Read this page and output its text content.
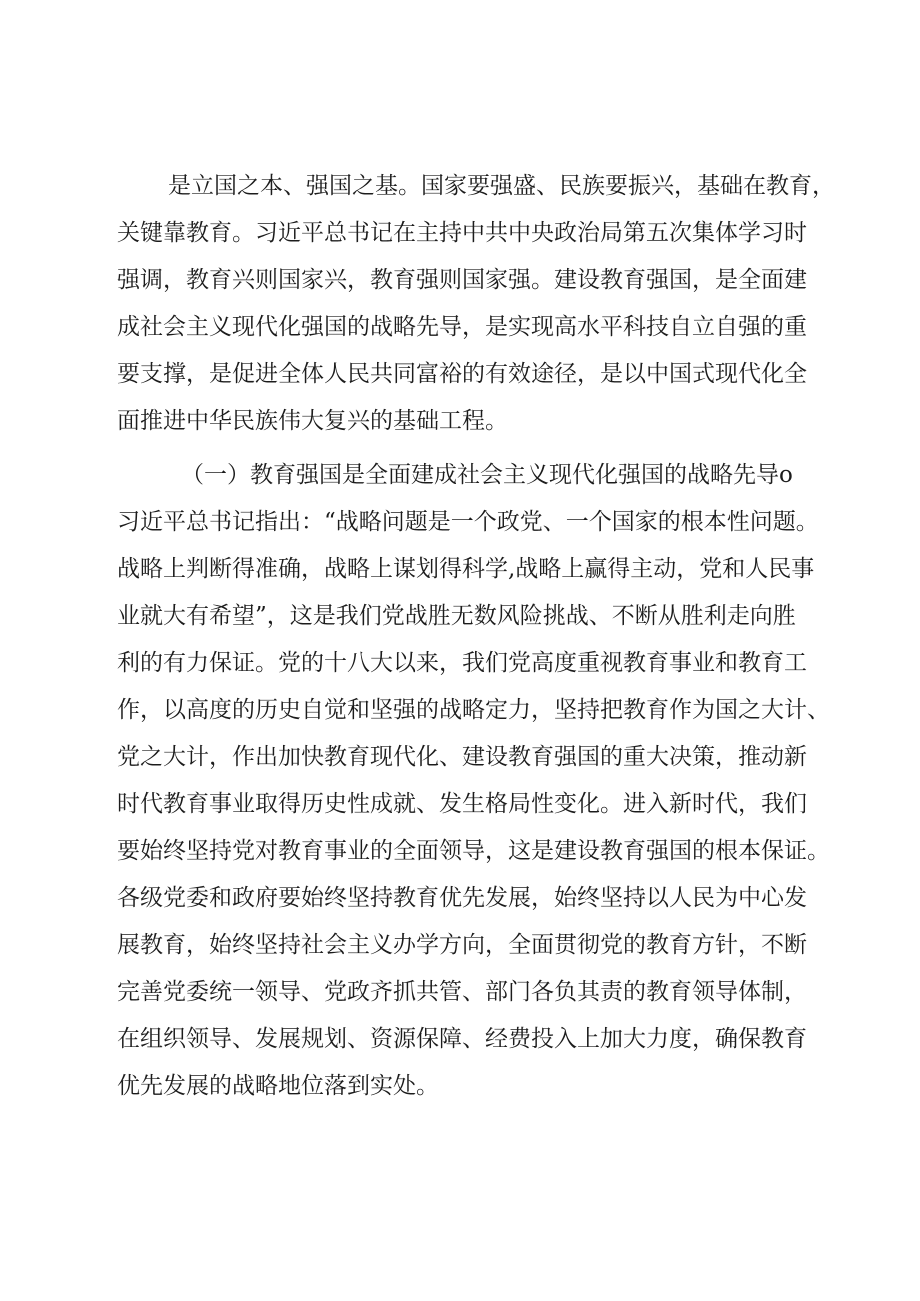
是立国之本、强国之基。国家要强盛、民族要振兴，基础在教育，
关键靠教育。习近平总书记在主持中共中央政治局第五次集体学习时
强调，教育兴则国家兴，教育强则国家强。建设教育强国，是全面建
成社会主义现代化强国的战略先导，是实现高水平科技自立自强的重
要支撑，是促进全体人民共同富裕的有效途径，是以中国式现代化全
面推进中华民族伟大复兴的基础工程。
（一）教育强国是全面建成社会主义现代化强国的战略先导o
习近平总书记指出：“战略问题是一个政党、一个国家的根本性问题。
战略上判断得准确，战略上谋划得科学,战略上赢得主动，党和人民事
业就大有希望”，这是我们党战胜无数风险挑战、不断从胜利走向胜
利的有力保证。党的十八大以来，我们党高度重视教育事业和教育工
作，以高度的历史自觉和坚强的战略定力，坚持把教育作为国之大计、
党之大计，作出加快教育现代化、建设教育强国的重大决策，推动新
时代教育事业取得历史性成就、发生格局性变化。进入新时代，我们
要始终坚持党对教育事业的全面领导，这是建设教育强国的根本保证。
各级党委和政府要始终坚持教育优先发展，始终坚持以人民为中心发
展教育，始终坚持社会主义办学方向，全面贯彻党的教育方针，不断
完善党委统一领导、党政齐抓共管、部门各负其责的教育领导体制，
在组织领导、发展规划、资源保障、经费投入上加大力度，确保教育
优先发展的战略地位落到实处。
